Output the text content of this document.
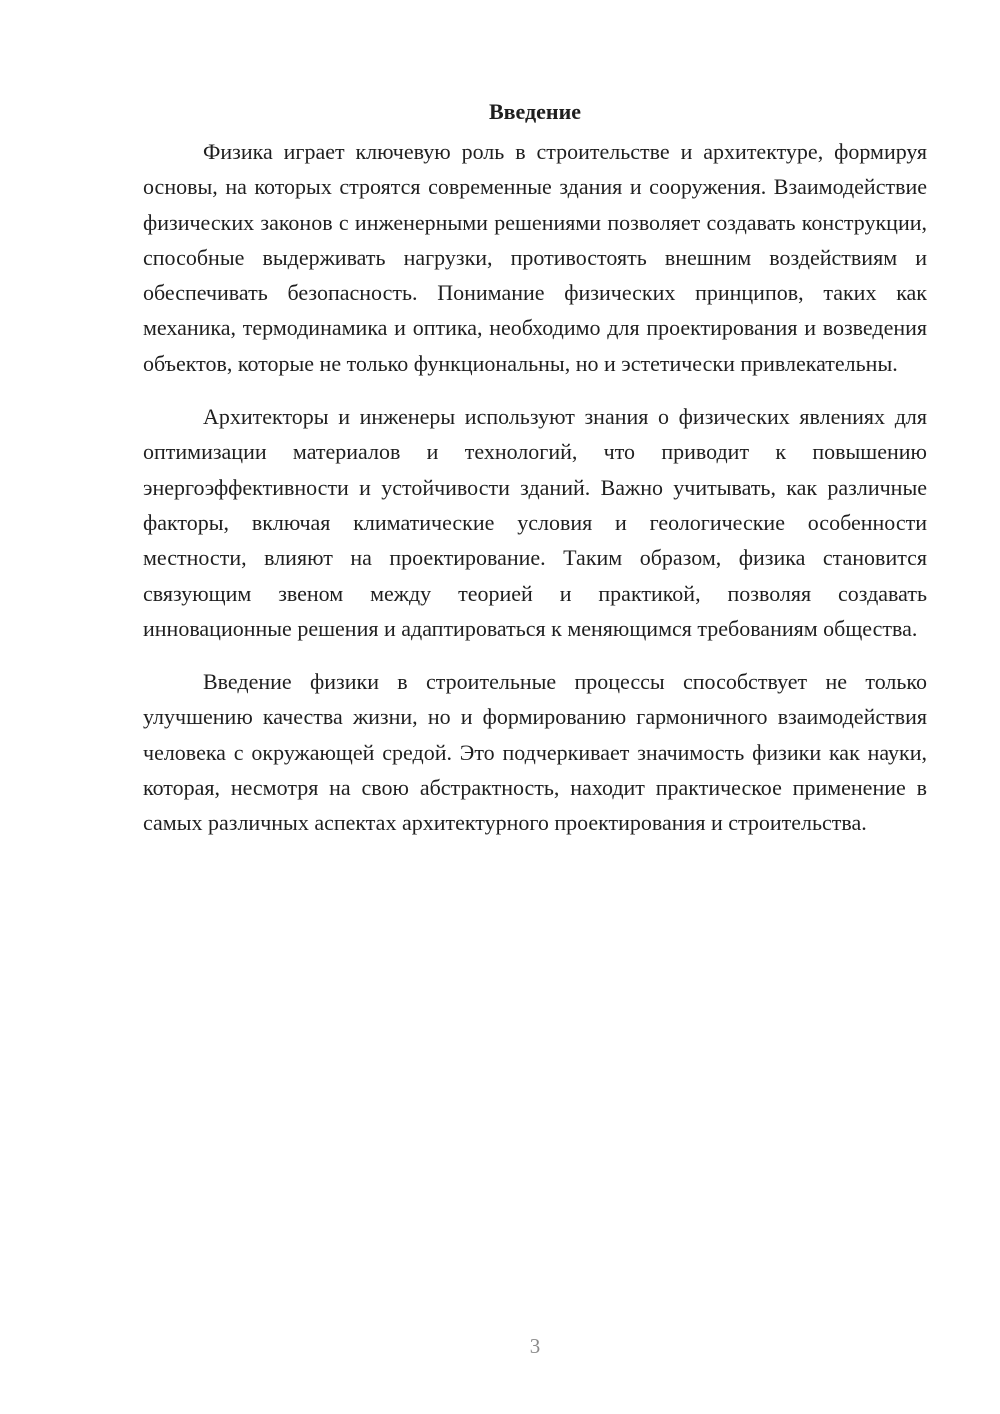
Введение

Физика играет ключевую роль в строительстве и архитектуре, формируя основы, на которых строятся современные здания и сооружения. Взаимодействие физических законов с инженерными решениями позволяет создавать конструкции, способные выдерживать нагрузки, противостоять внешним воздействиям и обеспечивать безопасность. Понимание физических принципов, таких как механика, термодинамика и оптика, необходимо для проектирования и возведения объектов, которые не только функциональны, но и эстетически привлекательны.

Архитекторы и инженеры используют знания о физических явлениях для оптимизации материалов и технологий, что приводит к повышению энергоэффективности и устойчивости зданий. Важно учитывать, как различные факторы, включая климатические условия и геологические особенности местности, влияют на проектирование. Таким образом, физика становится связующим звеном между теорией и практикой, позволяя создавать инновационные решения и адаптироваться к меняющимся требованиям общества.

Введение физики в строительные процессы способствует не только улучшению качества жизни, но и формированию гармоничного взаимодействия человека с окружающей средой. Это подчеркивает значимость физики как науки, которая, несмотря на свою абстрактность, находит практическое применение в самых различных аспектах архитектурного проектирования и строительства.

3
